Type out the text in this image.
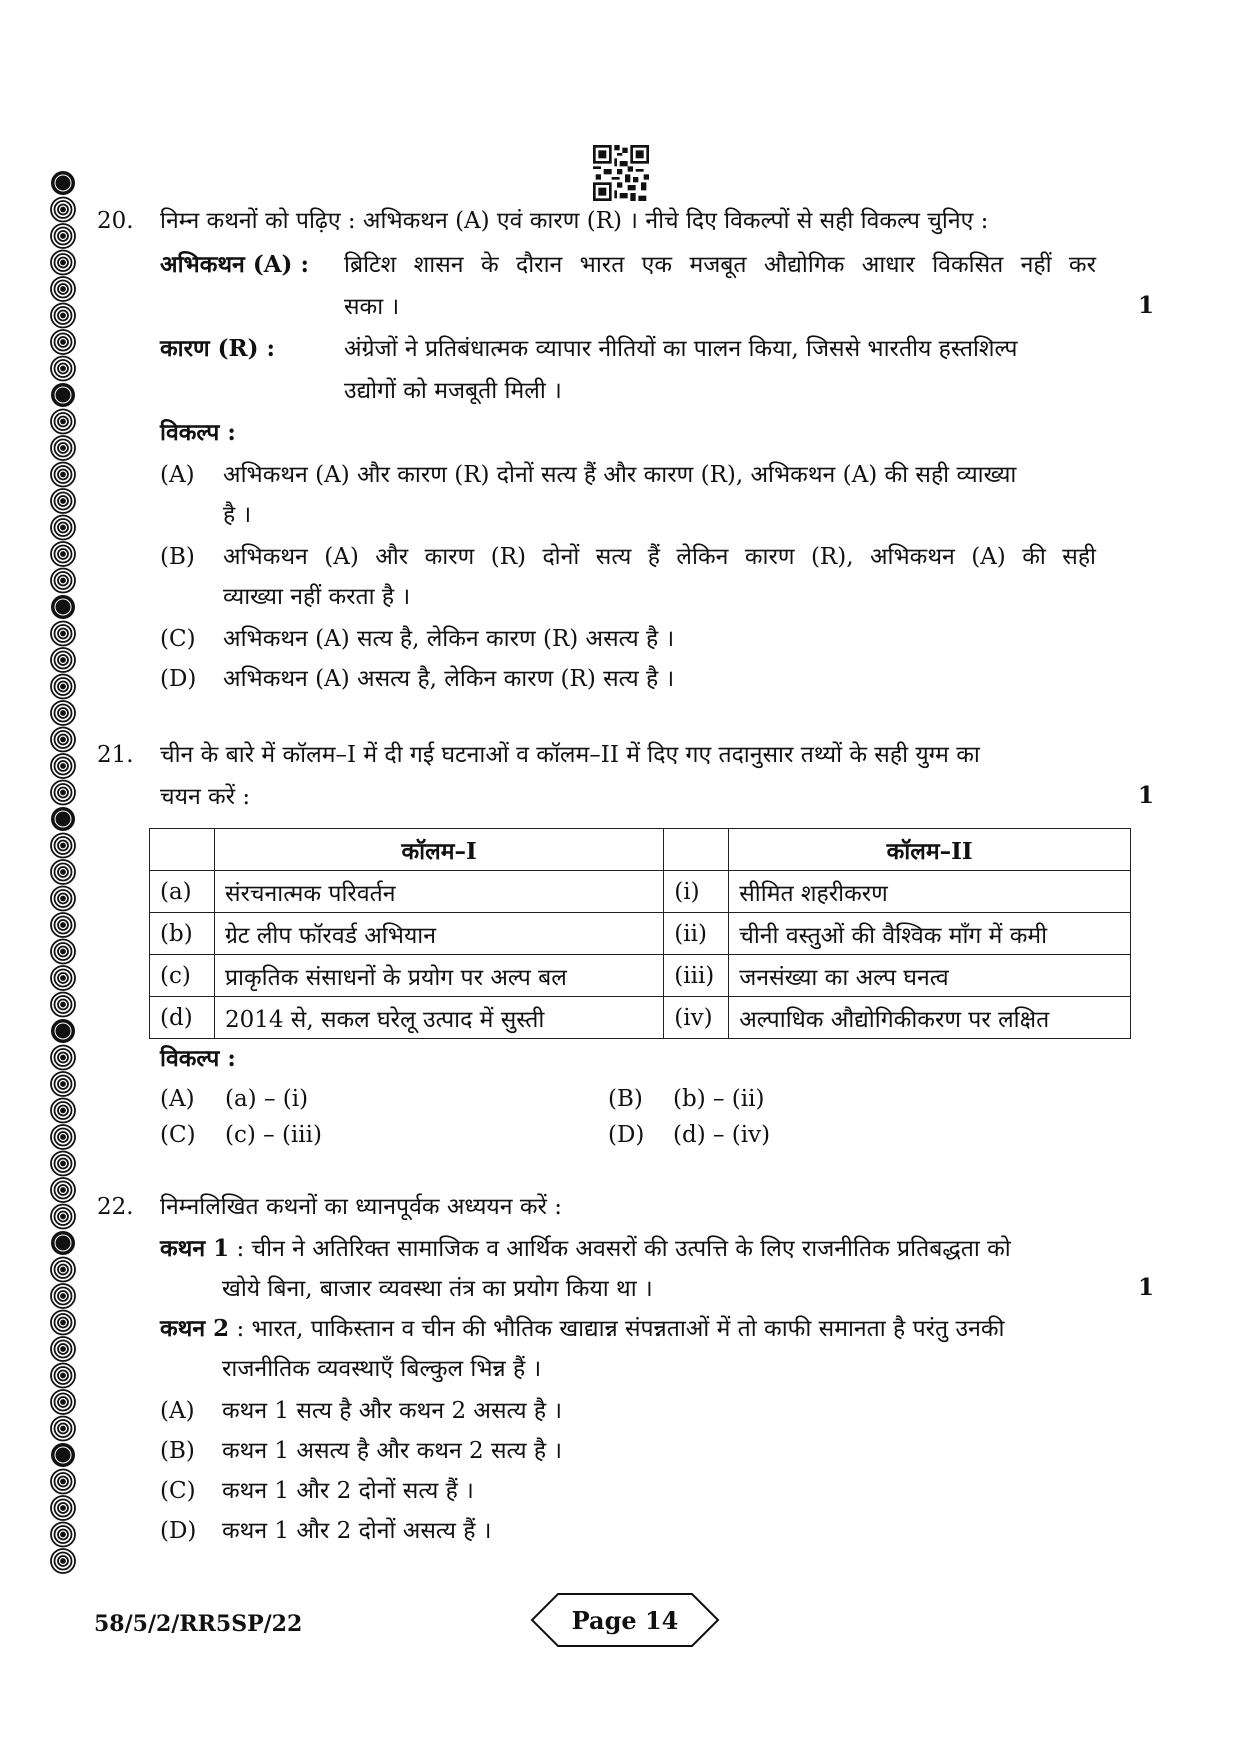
20. निम्न कथनों को पढ़िए : अभिकथन (A) एवं कारण (R) । नीचे दिए विकल्पों से सही विकल्प चुनिए :
अभिकथन (A) : ब्रिटिश शासन के दौरान भारत एक मजबूत औद्योगिक आधार विकसित नहीं कर
सका ।	1
कारण (R) :	अंग्रेजों ने प्रतिबंधात्मक व्यापार नीतियों का पालन किया, जिससे भारतीय हस्तशिल्प
उद्योगों को मजबूती मिली ।
विकल्प :
(A) अभिकथन (A) और कारण (R) दोनों सत्य हैं और कारण (R), अभिकथन (A) की सही व्याख्या
है ।
(B) अभिकथन (A) और कारण (R) दोनों सत्य हैं लेकिन कारण (R), अभिकथन (A) की सही
व्याख्या नहीं करता है ।
(C) अभिकथन (A) सत्य है, लेकिन कारण (R) असत्य है ।
(D) अभिकथन (A) असत्य है, लेकिन कारण (R) सत्य है ।
21. चीन के बारे में कॉलम–I में दी गई घटनाओं व कॉलम–II में दिए गए तदानुसार तथ्यों के सही युग्म का
चयन करें :	1
	कॉलम–I		कॉलम–II
(a)	संरचनात्मक परिवर्तन	(i)	सीमित शहरीकरण
(b)	ग्रेट लीप फॉरवर्ड अभियान	(ii)	चीनी वस्तुओं की वैश्विक माँग में कमी
(c)	प्राकृतिक संसाधनों के प्रयोग पर अल्प बल	(iii)	जनसंख्या का अल्प घनत्व
(d)	2014 से, सकल घरेलू उत्पाद में सुस्ती	(iv)	अल्पाधिक औद्योगिकीकरण पर लक्षित
विकल्प :
(A) (a) – (i)	(B) (b) – (ii)
(C) (c) – (iii)	(D) (d) – (iv)
22. निम्नलिखित कथनों का ध्यानपूर्वक अध्ययन करें :
कथन 1 : चीन ने अतिरिक्त सामाजिक व आर्थिक अवसरों की उत्पत्ति के लिए राजनीतिक प्रतिबद्धता को
खोये बिना, बाजार व्यवस्था तंत्र का प्रयोग किया था ।	1
कथन 2 : भारत, पाकिस्तान व चीन की भौतिक खाद्यान्न संपन्नताओं में तो काफी समानता है परंतु उनकी
राजनीतिक व्यवस्थाएँ बिल्कुल भिन्न हैं ।
(A) कथन 1 सत्य है और कथन 2 असत्य है ।
(B) कथन 1 असत्य है और कथन 2 सत्य है ।
(C) कथन 1 और 2 दोनों सत्य हैं ।
(D) कथन 1 और 2 दोनों असत्य हैं ।
58/5/2/RR5SP/22	Page 14
